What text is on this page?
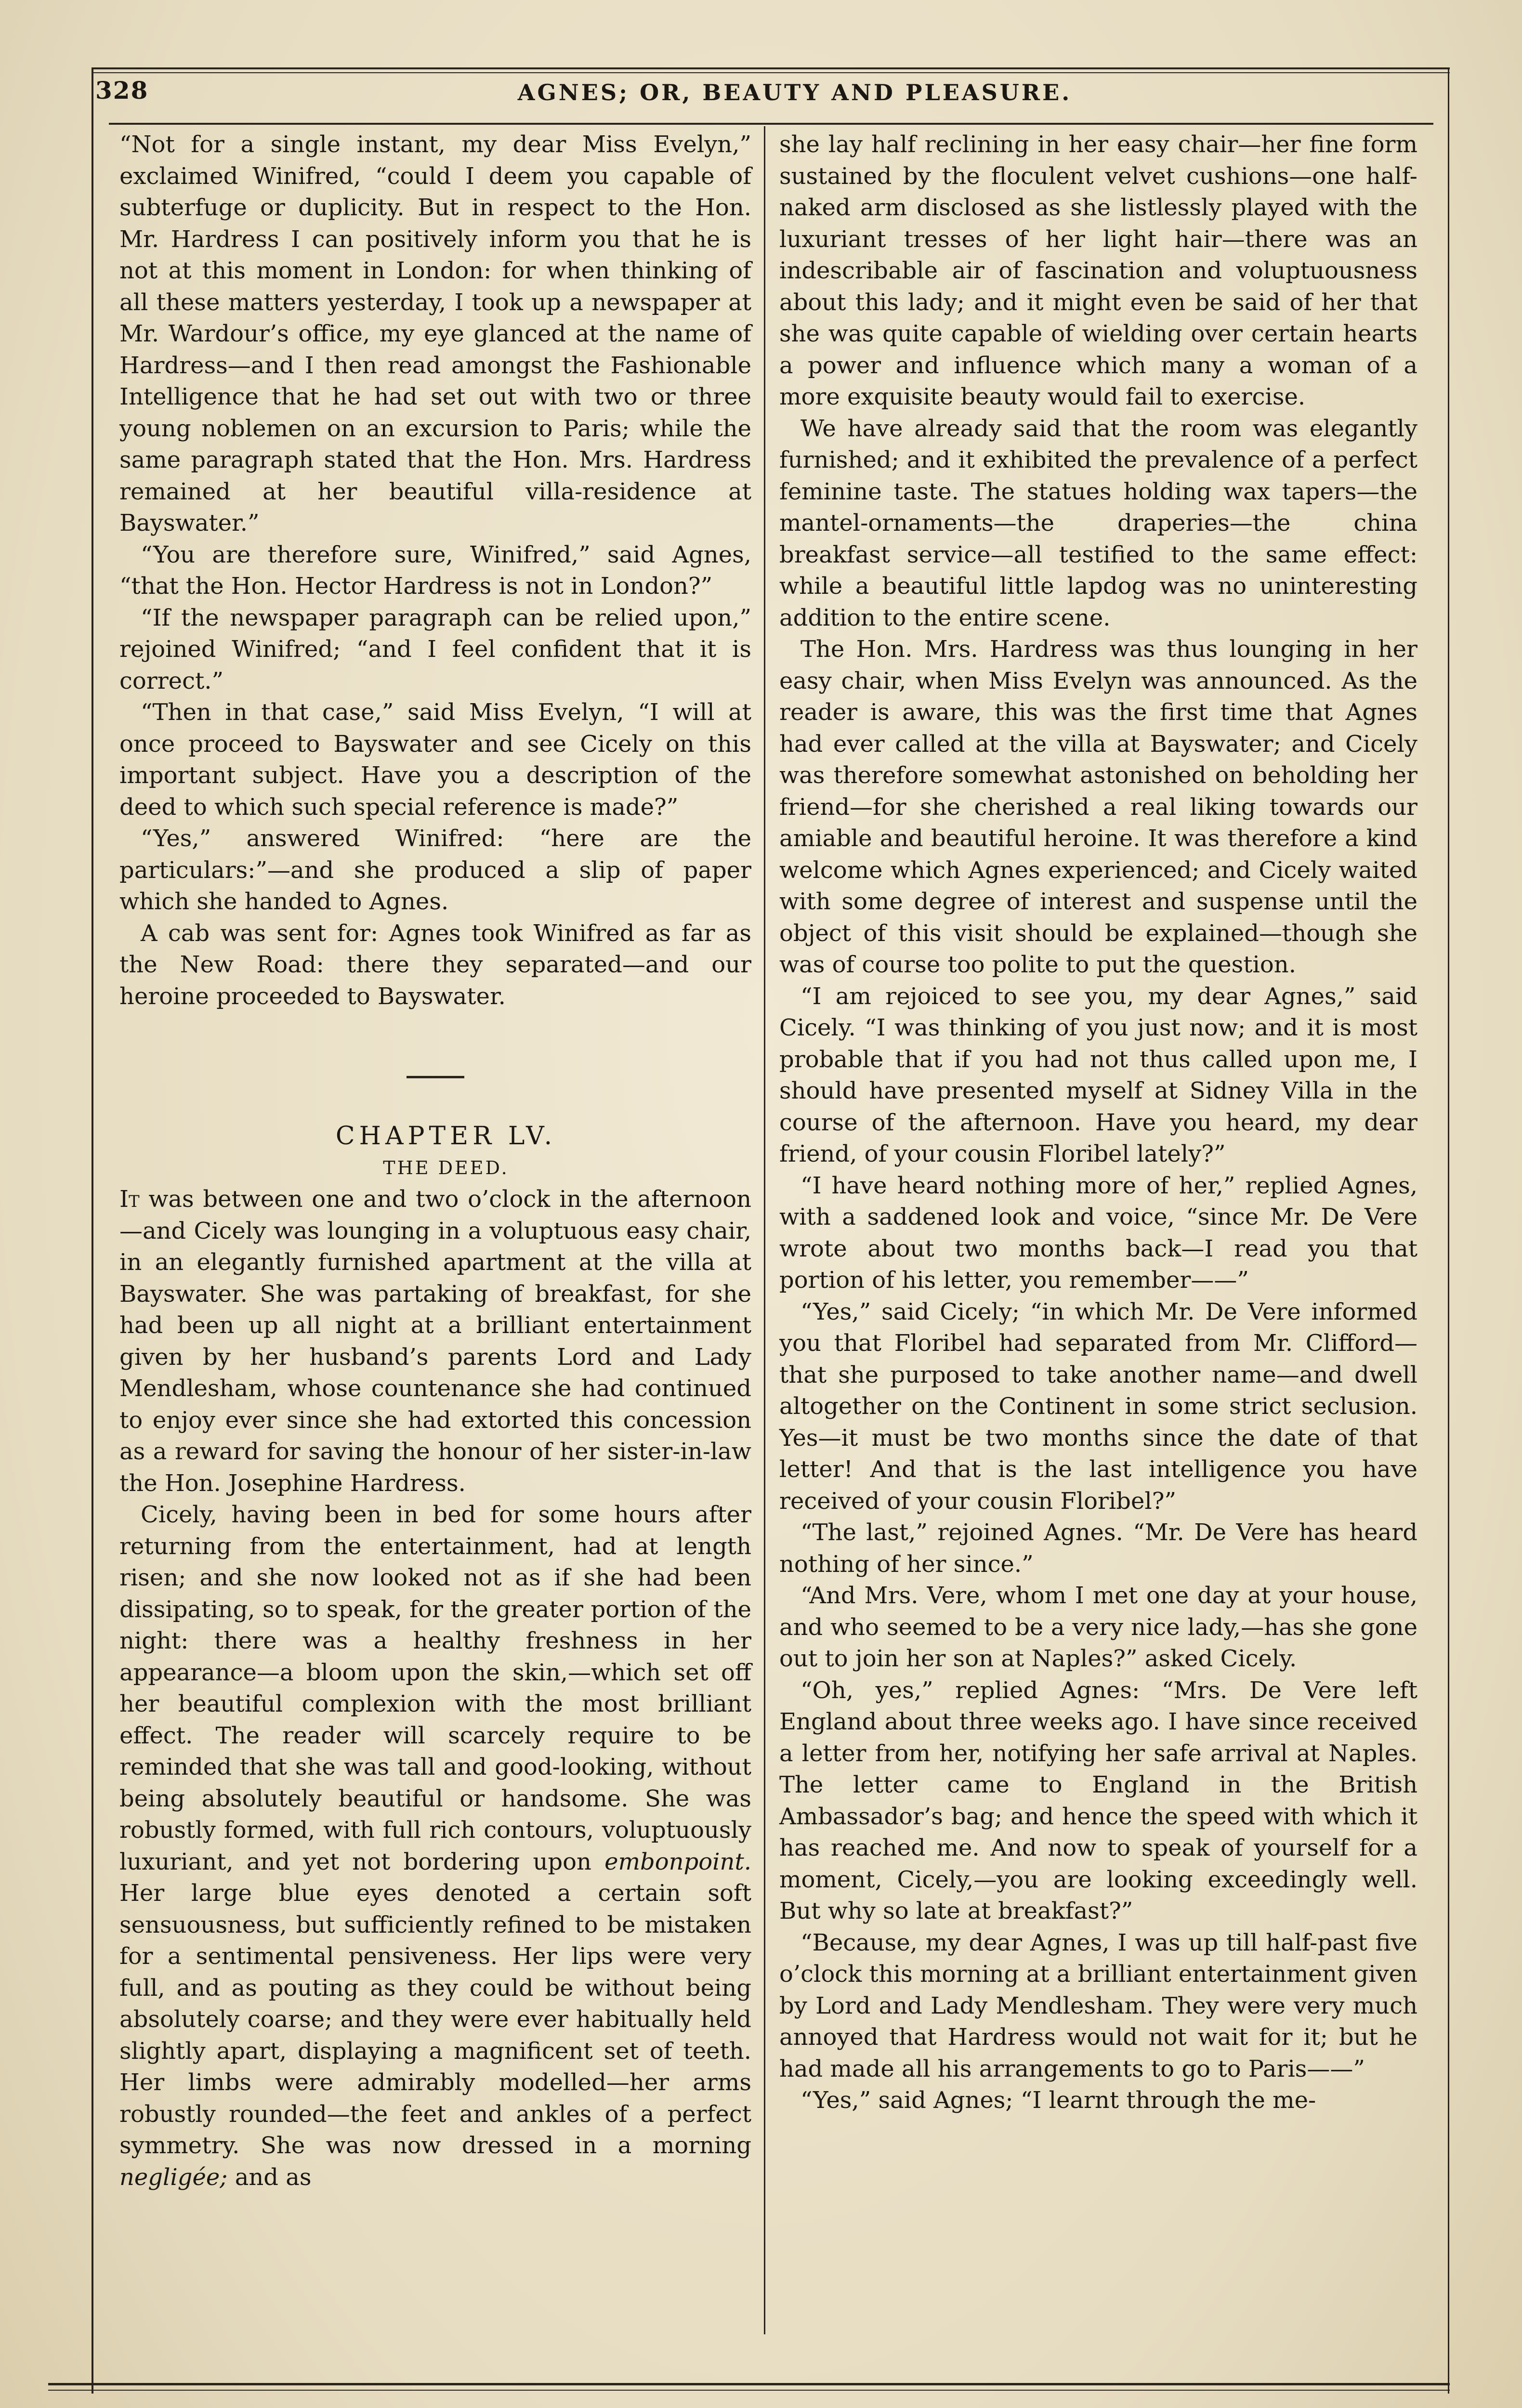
328	AGNES; OR, BEAUTY AND PLEASURE.

“Not for a single instant, my dear Miss Evelyn,” exclaimed Winifred, “could I deem you capable of subterfuge or duplicity. But in respect to the Hon. Mr. Hardress I can positively inform you that he is not at this moment in London: for when thinking of all these matters yesterday, I took up a newspaper at Mr. Wardour’s office, my eye glanced at the name of Hardress—and I then read amongst the Fashionable Intelligence that he had set out with two or three young noblemen on an excursion to Paris; while the same paragraph stated that the Hon. Mrs. Hardress remained at her beautiful villa-residence at Bayswater.”

“You are therefore sure, Winifred,” said Agnes, “that the Hon. Hector Hardress is not in London?”

“If the newspaper paragraph can be relied upon,” rejoined Winifred; “and I feel confident that it is correct.”

“Then in that case,” said Miss Evelyn, “I will at once proceed to Bayswater and see Cicely on this important subject. Have you a description of the deed to which such special reference is made?”

“Yes,” answered Winifred: “here are the particulars:”—and she produced a slip of paper which she handed to Agnes.

A cab was sent for: Agnes took Winifred as far as the New Road: there they separated—and our heroine proceeded to Bayswater.

CHAPTER LV.

THE DEED.

It was between one and two o’clock in the afternoon—and Cicely was lounging in a voluptuous easy chair, in an elegantly furnished apartment at the villa at Bayswater. She was partaking of breakfast, for she had been up all night at a brilliant entertainment given by her husband’s parents Lord and Lady Mendlesham, whose countenance she had continued to enjoy ever since she had extorted this concession as a reward for saving the honour of her sister-in-law the Hon. Josephine Hardress.

Cicely, having been in bed for some hours after returning from the entertainment, had at length risen; and she now looked not as if she had been dissipating, so to speak, for the greater portion of the night: there was a healthy freshness in her appearance—a bloom upon the skin,—which set off her beautiful complexion with the most brilliant effect. The reader will scarcely require to be reminded that she was tall and good-looking, without being absolutely beautiful or handsome. She was robustly formed, with full rich contours, voluptuously luxuriant, and yet not bordering upon embonpoint. Her large blue eyes denoted a certain soft sensuousness, but sufficiently refined to be mistaken for a sentimental pensiveness. Her lips were very full, and as pouting as they could be without being absolutely coarse; and they were ever habitually held slightly apart, displaying a magnificent set of teeth. Her limbs were admirably modelled—her arms robustly rounded—the feet and ankles of a perfect symmetry. She was now dressed in a morning negligée; and as

she lay half reclining in her easy chair—her fine form sustained by the floculent velvet cushions—one half-naked arm disclosed as she listlessly played with the luxuriant tresses of her light hair—there was an indescribable air of fascination and voluptuousness about this lady; and it might even be said of her that she was quite capable of wielding over certain hearts a power and influence which many a woman of a more exquisite beauty would fail to exercise.

We have already said that the room was elegantly furnished; and it exhibited the prevalence of a perfect feminine taste. The statues holding wax tapers—the mantel-ornaments—the draperies—the china breakfast service—all testified to the same effect: while a beautiful little lapdog was no uninteresting addition to the entire scene.

The Hon. Mrs. Hardress was thus lounging in her easy chair, when Miss Evelyn was announced. As the reader is aware, this was the first time that Agnes had ever called at the villa at Bayswater; and Cicely was therefore somewhat astonished on beholding her friend—for she cherished a real liking towards our amiable and beautiful heroine. It was therefore a kind welcome which Agnes experienced; and Cicely waited with some degree of interest and suspense until the object of this visit should be explained—though she was of course too polite to put the question.

“I am rejoiced to see you, my dear Agnes,” said Cicely. “I was thinking of you just now; and it is most probable that if you had not thus called upon me, I should have presented myself at Sidney Villa in the course of the afternoon. Have you heard, my dear friend, of your cousin Floribel lately?”

“I have heard nothing more of her,” replied Agnes, with a saddened look and voice, “since Mr. De Vere wrote about two months back—I read you that portion of his letter, you remember——”

“Yes,” said Cicely; “in which Mr. De Vere informed you that Floribel had separated from Mr. Clifford—that she purposed to take another name—and dwell altogether on the Continent in some strict seclusion. Yes—it must be two months since the date of that letter! And that is the last intelligence you have received of your cousin Floribel?”

“The last,” rejoined Agnes. “Mr. De Vere has heard nothing of her since.”

“And Mrs. Vere, whom I met one day at your house, and who seemed to be a very nice lady,—has she gone out to join her son at Naples?” asked Cicely.

“Oh, yes,” replied Agnes: “Mrs. De Vere left England about three weeks ago. I have since received a letter from her, notifying her safe arrival at Naples. The letter came to England in the British Ambassador’s bag; and hence the speed with which it has reached me. And now to speak of yourself for a moment, Cicely,—you are looking exceedingly well. But why so late at breakfast?”

“Because, my dear Agnes, I was up till half-past five o’clock this morning at a brilliant entertainment given by Lord and Lady Mendlesham. They were very much annoyed that Hardress would not wait for it; but he had made all his arrangements to go to Paris——”

“Yes,” said Agnes; “I learnt through the me-
